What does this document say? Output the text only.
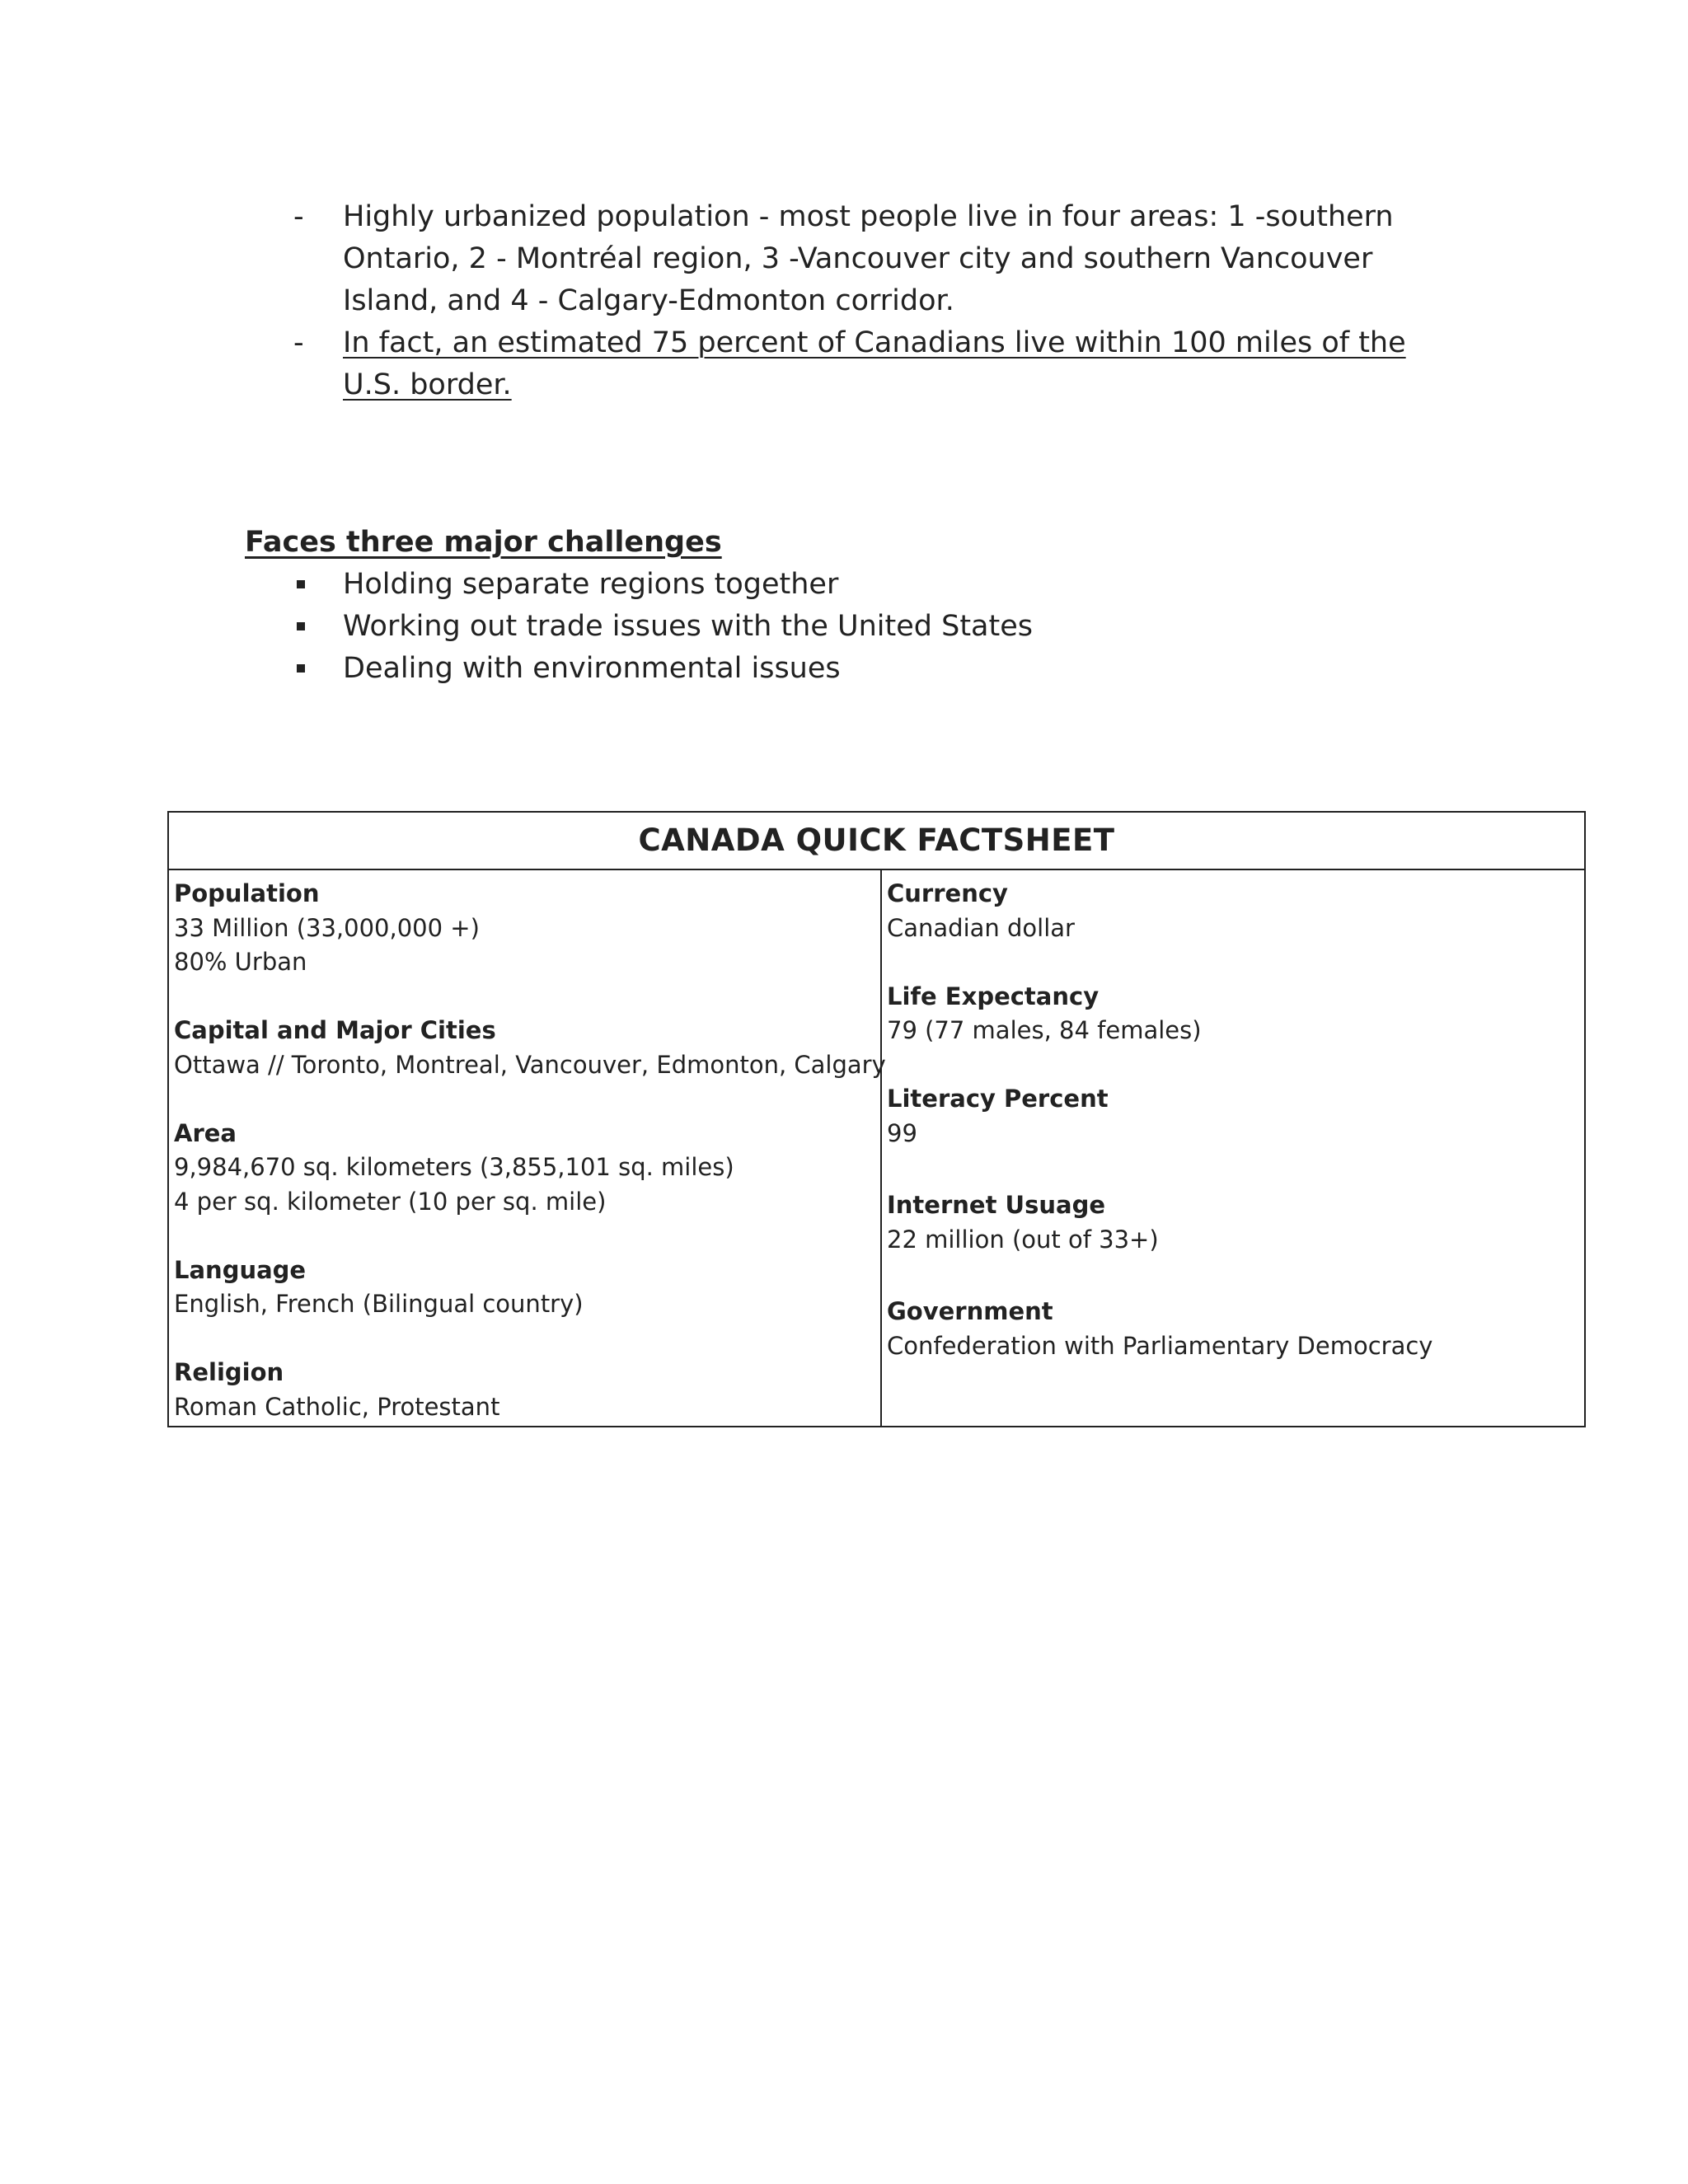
- Highly urbanized population - most people live in four areas: 1 -southern Ontario, 2 - Montréal region, 3 -Vancouver city and southern Vancouver Island, and 4 - Calgary-Edmonton corridor.
- In fact, an estimated 75 percent of Canadians live within 100 miles of the U.S. border.
Faces three major challenges
Holding separate regions together
Working out trade issues with the United States
Dealing with environmental issues
CANADA QUICK FACTSHEET
Population
33 Million (33,000,000 +)
80% Urban
Capital and Major Cities
Ottawa // Toronto, Montreal, Vancouver, Edmonton, Calgary
Area
9,984,670 sq. kilometers (3,855,101 sq. miles)
4 per sq. kilometer (10 per sq. mile)
Language
English, French (Bilingual country)
Religion
Roman Catholic, Protestant
Currency
Canadian dollar
Life Expectancy
79 (77 males, 84 females)
Literacy Percent
99
Internet Usuage
22 million (out of 33+)
Government
Confederation with Parliamentary Democracy
